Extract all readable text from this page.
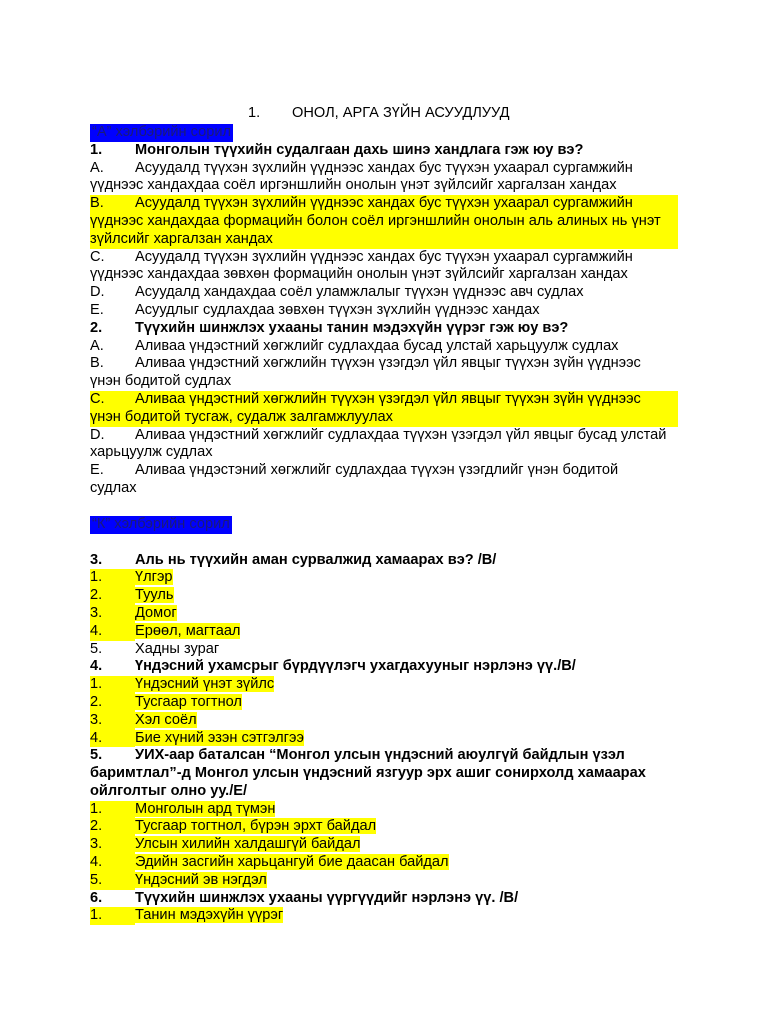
1.	ОНОЛ, АРГА ЗҮЙН АСУУДЛУУД
“А” хэлбэрийн сорил
1.	Монголын түүхийн судалгаан дахь шинэ хандлага гэж юу вэ?
A.	Асуудалд түүхэн зүхлийн үүднээс хандах бус түүхэн ухаарал сургамжийн
үүднээс хандахдаа соёл иргэншлийн онолын үнэт зүйлсийг харгалзан хандах
B.	Асуудалд түүхэн зүхлийн үүднээс хандах бус түүхэн ухаарал сургамжийн
үүднээс хандахдаа формацийн болон соёл иргэншлийн онолын аль алиных нь үнэт
зүйлсийг харгалзан хандах
C.	Асуудалд түүхэн зүхлийн үүднээс хандах бус түүхэн ухаарал сургамжийн
үүднээс хандахдаа зөвхөн формацийн онолын үнэт зүйлсийг харгалзан хандах
D.	Асуудалд хандахдаа соёл уламжлалыг түүхэн үүднээс авч судлах
E.	Асуудлыг судлахдаа зөвхөн түүхэн зүхлийн үүднээс хандах
2.	Түүхийн шинжлэх ухааны танин мэдэхүйн үүрэг гэж юу вэ?
A.	Аливаа үндэстний хөгжлийг судлахдаа бусад улстай харьцуулж судлах
B.	Аливаа үндэстний хөгжлийн түүхэн үзэгдэл үйл явцыг түүхэн зүйн үүднээс
үнэн бодитой судлах
C.	Аливаа үндэстний хөгжлийн түүхэн үзэгдэл үйл явцыг түүхэн зүйн үүднээс
үнэн бодитой тусгаж, судалж залгамжлуулах
D.	Аливаа үндэстний хөгжлийг судлахдаа түүхэн үзэгдэл үйл явцыг бусад улстай
харьцуулж судлах
E.	Аливаа үндэстэний хөгжлийг судлахдаа түүхэн үзэгдлийг үнэн бодитой
судлах
“К” хэлбэрийн сорил
3.	Аль нь түүхийн аман сурвалжид хамаарах вэ? /B/
1.	Үлгэр
2.	Тууль
3.	Домог
4.	Ерөөл, магтаал
5.	Хадны зураг
4.	Үндэсний ухамсрыг бүрдүүлэгч ухагдахууныг нэрлэнэ үү./B/
1.	Үндэсний үнэт зүйлс
2.	Тусгаар тогтнол
3.	Хэл соёл
4.	Бие хүний эзэн сэтгэлгээ
5.	УИХ-аар баталсан “Монгол улсын үндэсний аюулгүй байдлын үзэл
баримтлал”-д Монгол улсын үндэсний язгуур эрх ашиг сонирхолд хамаарах
ойлголтыг олно уу./E/
1.	Монголын ард түмэн
2.	Тусгаар тогтнол, бүрэн эрхт байдал
3.	Улсын хилийн халдашгүй байдал
4.	Эдийн засгийн харьцангуй бие даасан байдал
5.	Үндэсний эв нэгдэл
6.	Түүхийн шинжлэх ухааны үүргүүдийг нэрлэнэ үү. /B/
1.	Танин мэдэхүйн үүрэг
